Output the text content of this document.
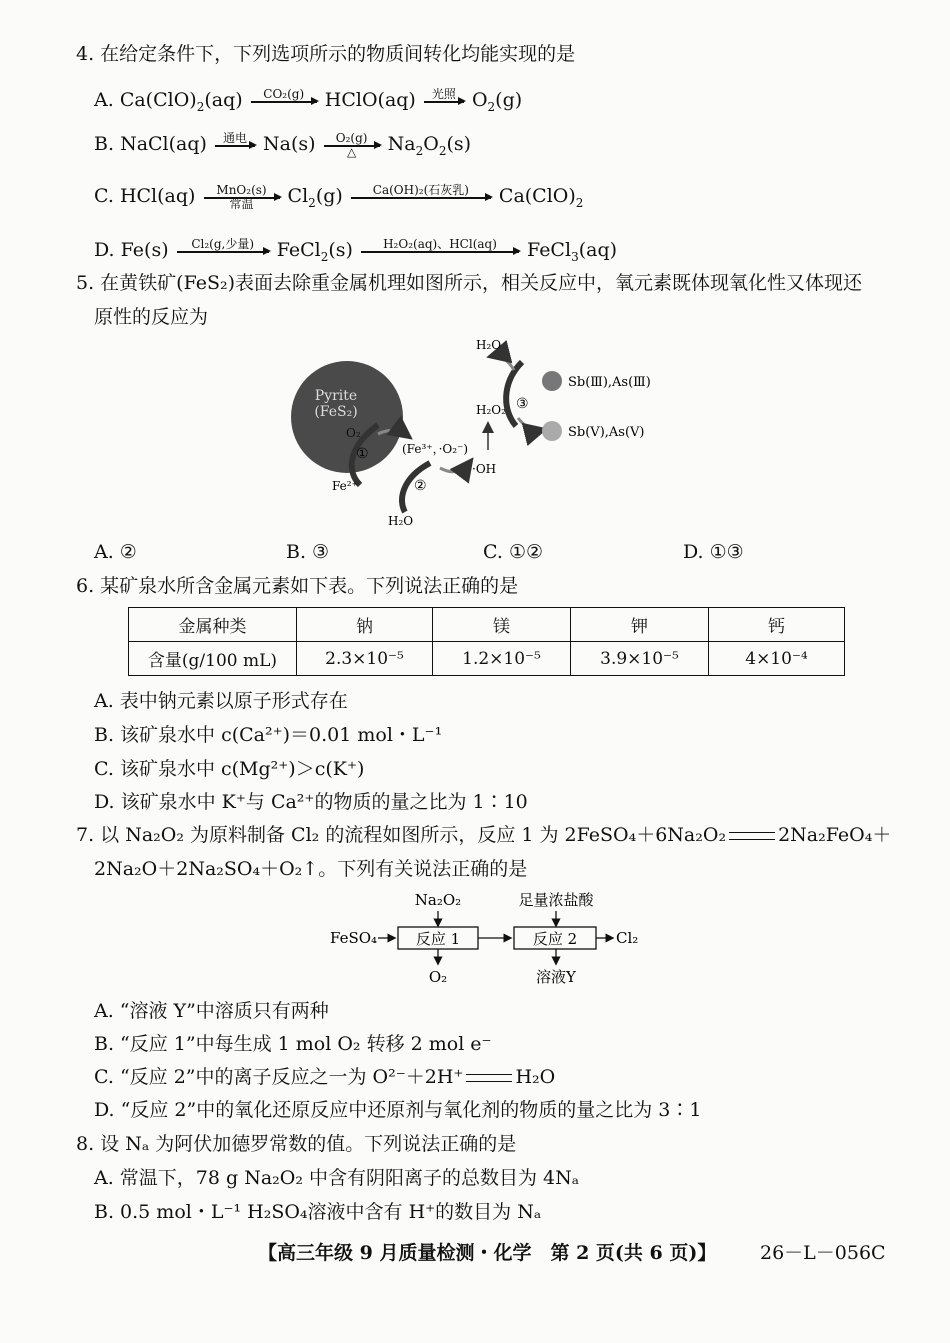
4. 在给定条件下，下列选项所示的物质间转化均能实现的是
A. $Ca(ClO)_2(aq)$	CO₂(g)	HClO(aq)	光照 $O_2(g)$
B. NaCl(aq)	通电 Na(s)	O₂(g)
△	$Na_2O_2(s)$
C. HCl(aq)	MnO₂(s)
常温	$Cl_2(g)$	Ca(OH)₂(石灰乳)	$Ca(ClO)_2$
D. Fe(s)	Cl₂(g,少量)	FeCl$_2$(s)	H₂O₂(aq)、HCl(aq)	FeCl$_3$(aq)
5. 在黄铁矿(FeS₂)表面去除重金属机理如图所示，相关反应中，氧元素既体现氧化性又体现还
原性的反应为
Pyrite
(FeS₂)
O₂
①
Fe²⁺
(Fe³⁺，·O₂⁻)
②
·OH
H₂O
H₂O₂ ③
H₂O
Sb(Ⅲ),As(Ⅲ)
Sb(Ⅴ),As(Ⅴ)
A. ②	B. ③	C. ①②	D. ①③
6. 某矿泉水所含金属元素如下表。下列说法正确的是
金属种类	钠	镁	钾	钙
含量(g/100 mL)	2.3×10⁻⁵	1.2×10⁻⁵	3.9×10⁻⁵	4×10⁻⁴
A. 表中钠元素以原子形式存在
B. 该矿泉水中 c(Ca²⁺)＝0.01 mol・L⁻¹
C. 该矿泉水中 c(Mg²⁺)＞c(K⁺)
D. 该矿泉水中 K⁺与 Ca²⁺的物质的量之比为 1∶10
7. 以 Na₂O₂ 为原料制备 Cl₂ 的流程如图所示，反应 1 为 2FeSO₄＋6Na₂O₂	2Na₂FeO₄＋
2Na₂O＋2Na₂SO₄＋O₂↑。下列有关说法正确的是
Na₂O₂	足量浓盐酸
FeSO₄	反应 1	反应 2	Cl₂
O₂	溶液Y
A. “溶液 Y”中溶质只有两种
B. “反应 1”中每生成 1 mol O₂ 转移 2 mol e⁻
C. “反应 2”中的离子反应之一为 O²⁻＋2H⁺	H₂O
D. “反应 2”中的氧化还原反应中还原剂与氧化剂的物质的量之比为 3∶1
8. 设 Nₐ 为阿伏加德罗常数的值。下列说法正确的是
A. 常温下，78 g Na₂O₂ 中含有阴阳离子的总数目为 4Nₐ
B. 0.5 mol・L⁻¹ H₂SO₄溶液中含有 H⁺的数目为 Nₐ
【高三年级 9 月质量检测・化学　第 2 页(共 6 页)】 26－L－056C
